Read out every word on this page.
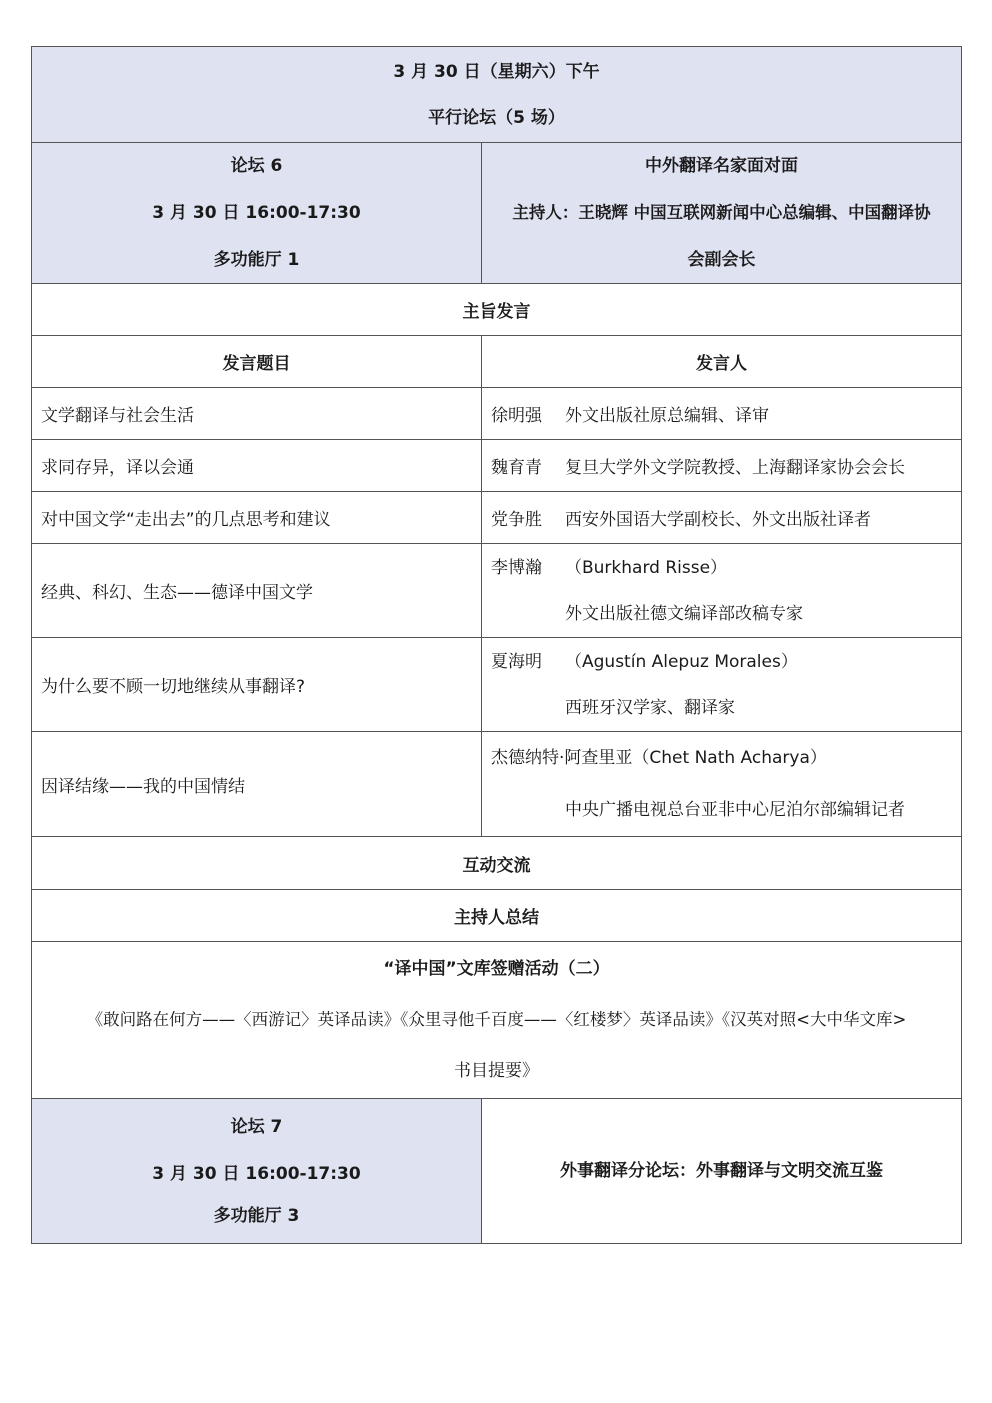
3 月 30 日（星期六）下午
平行论坛（5 场）	

论坛 6
3 月 30 日 16:00-17:30
多功能厅 1	中外翻译名家面对面
主持人：王晓辉 中国互联网新闻中心总编辑、中国翻译协
会副会长

主旨发言	
发言题目	发言人
文学翻译与社会生活	徐明强 外文出版社原总编辑、译审
求同存异，译以会通	魏育青 复旦大学外文学院教授、上海翻译家协会会长
对中国文学“走出去”的几点思考和建议	党争胜 西安外国语大学副校长、外文出版社译者
经典、科幻、生态——德译中国文学	李博瀚 （Burkhard Risse）
外文出版社德文编译部改稿专家

为什么要不顾一切地继续从事翻译?	夏海明 （Agustín Alepuz Morales）
西班牙汉学家、翻译家

因译结缘——我的中国情结	杰德纳特·阿查里亚（Chet Nath Acharya）
中央广播电视总台亚非中心尼泊尔部编辑记者

互动交流	
主持人总结	

“译中国”文库签赠活动（二）
《敢问路在何方——〈西游记〉英译品读》《众里寻他千百度——〈红楼梦〉英译品读》《汉英对照<大中华文库>
书目提要》	

论坛 7
3 月 30 日 16:00-17:30
多功能厅 3	外事翻译分论坛：外事翻译与文明交流互鉴
